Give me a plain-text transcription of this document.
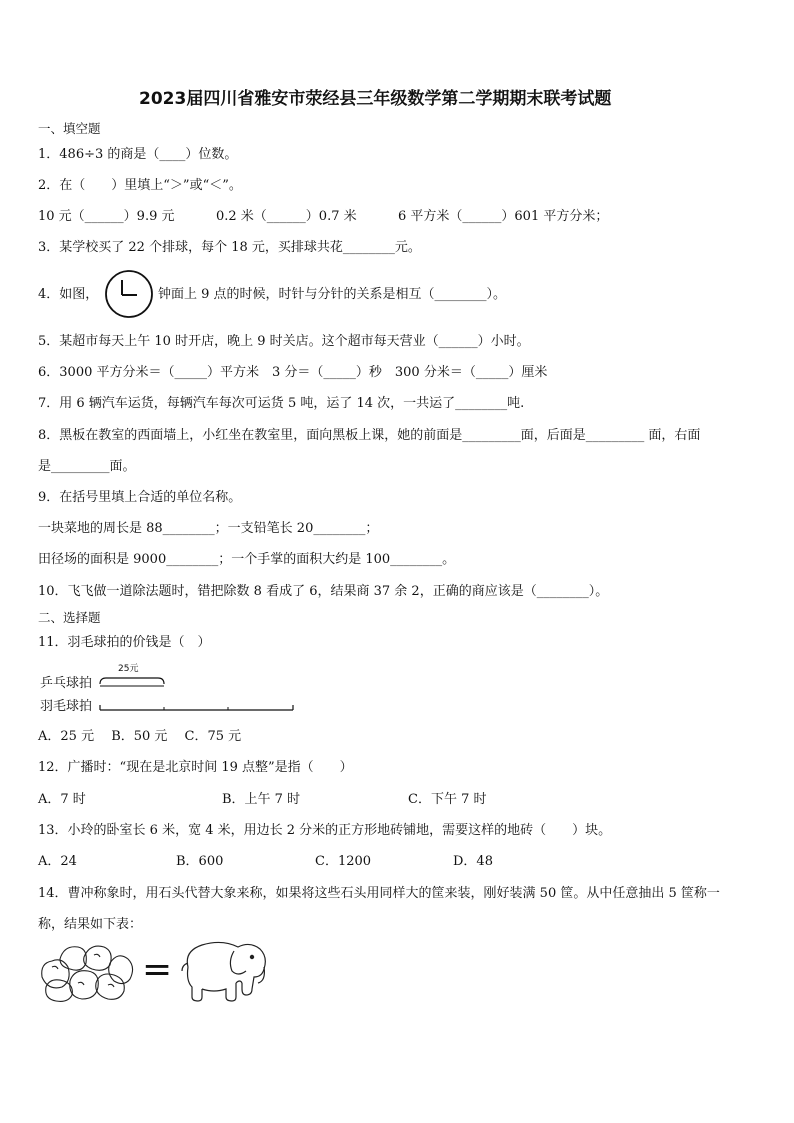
2023届四川省雅安市荥经县三年级数学第二学期期末联考试题
一、填空题
1．486÷3 的商是（____）位数。
2．在（　　）里填上“＞”或“＜”。
10 元（______）9.9 元	0.2 米（______）0.7 米	6 平方米（______）601 平方分米；
3．某学校买了 22 个排球，每个 18 元，买排球共花________元。
4．如图，	钟面上 9 点的时候，时针与分针的关系是相互（________）。
5．某超市每天上午 10 时开店，晚上 9 时关店。这个超市每天营业（______）小时。
6．3000 平方分米＝（_____）平方米　3 分＝（_____）秒　300 分米＝（_____）厘米
7．用 6 辆汽车运货，每辆汽车每次可运货 5 吨，运了 14 次，一共运了________吨.
8．黑板在教室的西面墙上，小红坐在教室里，面向黑板上课，她的前面是_________面，后面是_________ 面，右面
是_________面。
9．在括号里填上合适的单位名称。
一块菜地的周长是 88________；一支铅笔长 20________；
田径场的面积是 9000________；一个手掌的面积大约是 100________。
10．飞飞做一道除法题时，错把除数 8 看成了 6，结果商 37 余 2，正确的商应该是（________）。
二、选择题
11．羽毛球拍的价钱是（　）
乒乓球拍
羽毛球拍
25元
A．25 元　 B．50 元　 C．75 元
12．广播时：“现在是北京时间 19 点整”是指（　　）
A．7 时	B．上午 7 时	C．下午 7 时
13．小玲的卧室长 6 米，宽 4 米，用边长 2 分米的正方形地砖铺地，需要这样的地砖（　　）块。
A．24	B．600	C．1200	D．48
14．曹冲称象时，用石头代替大象来称，如果将这些石头用同样大的筐来装，刚好装满 50 筐。从中任意抽出 5 筐称一
称，结果如下表：
=
